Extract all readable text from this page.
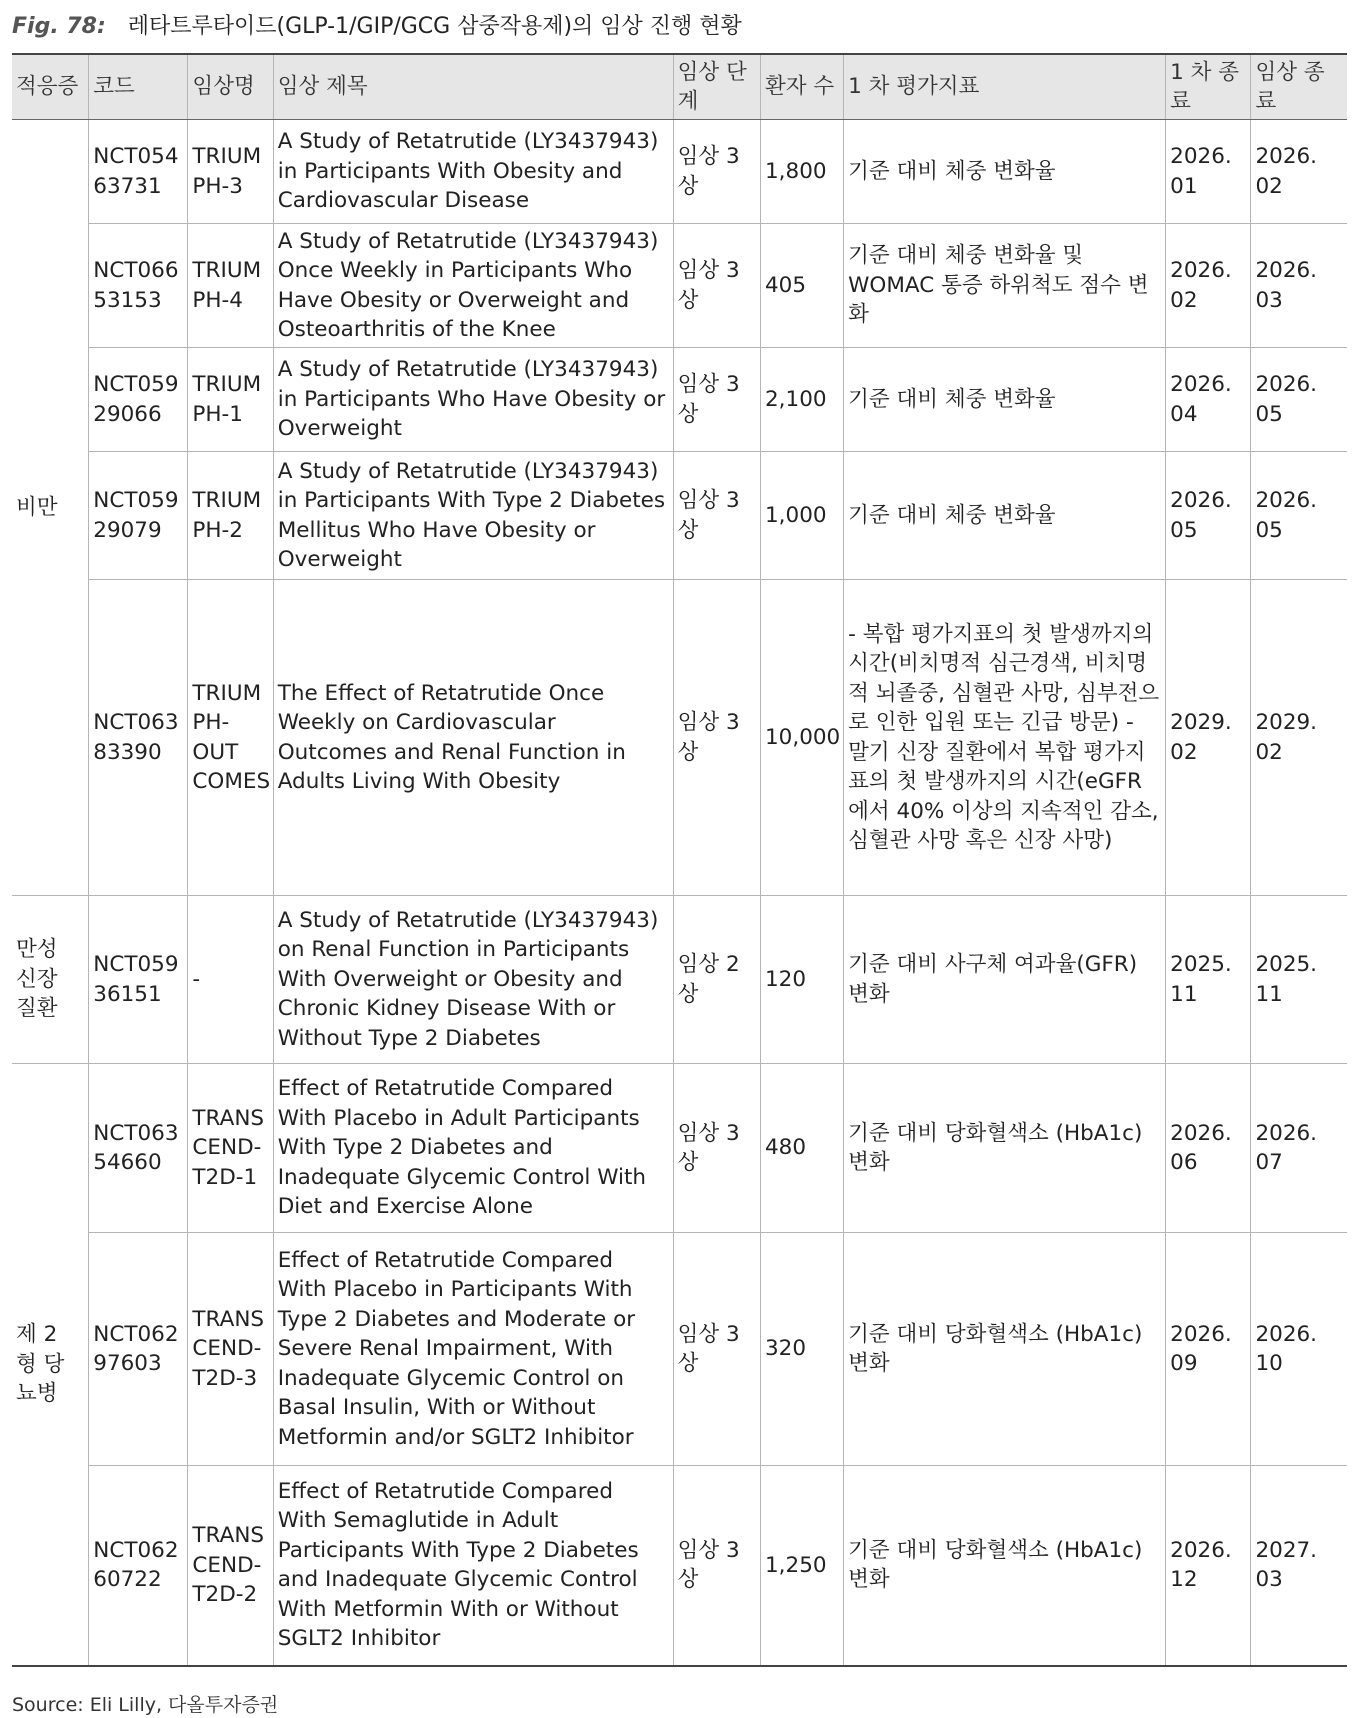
Fig. 78: 레타트루타이드(GLP-1/GIP/GCG 삼중작용제)의 임상 진행 현황
적응증	코드	임상명	임상 제목	임상 단계	환자 수	1 차 평가지표	1 차 종료	임상 종료
비만	NCT054 63731	TRIUM PH-3	A Study of Retatrutide (LY3437943) in Participants With Obesity and Cardiovascular Disease	임상 3 상	1,800	기준 대비 체중 변화율	2026. 01	2026. 02
	NCT066 53153	TRIUM PH-4	A Study of Retatrutide (LY3437943) Once Weekly in Participants Who Have Obesity or Overweight and Osteoarthritis of the Knee	임상 3 상	405	기준 대비 체중 변화율 및 WOMAC 통증 하위척도 점수 변화	2026. 02	2026. 03
	NCT059 29066	TRIUM PH-1	A Study of Retatrutide (LY3437943) in Participants Who Have Obesity or Overweight	임상 3 상	2,100	기준 대비 체중 변화율	2026. 04	2026. 05
	NCT059 29079	TRIUM PH-2	A Study of Retatrutide (LY3437943) in Participants With Type 2 Diabetes Mellitus Who Have Obesity or Overweight	임상 3 상	1,000	기준 대비 체중 변화율	2026. 05	2026. 05
	NCT063 83390	TRIUM PH- OUT COMES	The Effect of Retatrutide Once Weekly on Cardiovascular Outcomes and Renal Function in Adults Living With Obesity	임상 3 상	10,000	- 복합 평가지표의 첫 발생까지의 시간(비치명적 심근경색, 비치명적 뇌졸중, 심혈관 사망, 심부전으로 인한 입원 또는 긴급 방문) - 말기 신장 질환에서 복합 평가지표의 첫 발생까지의 시간(eGFR 에서 40% 이상의 지속적인 감소, 심혈관 사망 혹은 신장 사망)	2029. 02	2029. 02
만성 신장 질환	NCT059 36151	-	A Study of Retatrutide (LY3437943) on Renal Function in Participants With Overweight or Obesity and Chronic Kidney Disease With or Without Type 2 Diabetes	임상 2 상	120	기준 대비 사구체 여과율(GFR) 변화	2025. 11	2025. 11
제 2 형 당뇨병	NCT063 54660	TRANS CEND- T2D-1	Effect of Retatrutide Compared With Placebo in Adult Participants With Type 2 Diabetes and Inadequate Glycemic Control With Diet and Exercise Alone	임상 3 상	480	기준 대비 당화혈색소 (HbA1c) 변화	2026. 06	2026. 07
	NCT062 97603	TRANS CEND- T2D-3	Effect of Retatrutide Compared With Placebo in Participants With Type 2 Diabetes and Moderate or Severe Renal Impairment, With Inadequate Glycemic Control on Basal Insulin, With or Without Metformin and/or SGLT2 Inhibitor	임상 3 상	320	기준 대비 당화혈색소 (HbA1c) 변화	2026. 09	2026. 10
	NCT062 60722	TRANS CEND- T2D-2	Effect of Retatrutide Compared With Semaglutide in Adult Participants With Type 2 Diabetes and Inadequate Glycemic Control With Metformin With or Without SGLT2 Inhibitor	임상 3 상	1,250	기준 대비 당화혈색소 (HbA1c) 변화	2026. 12	2027. 03
Source: Eli Lilly, 다올투자증권
